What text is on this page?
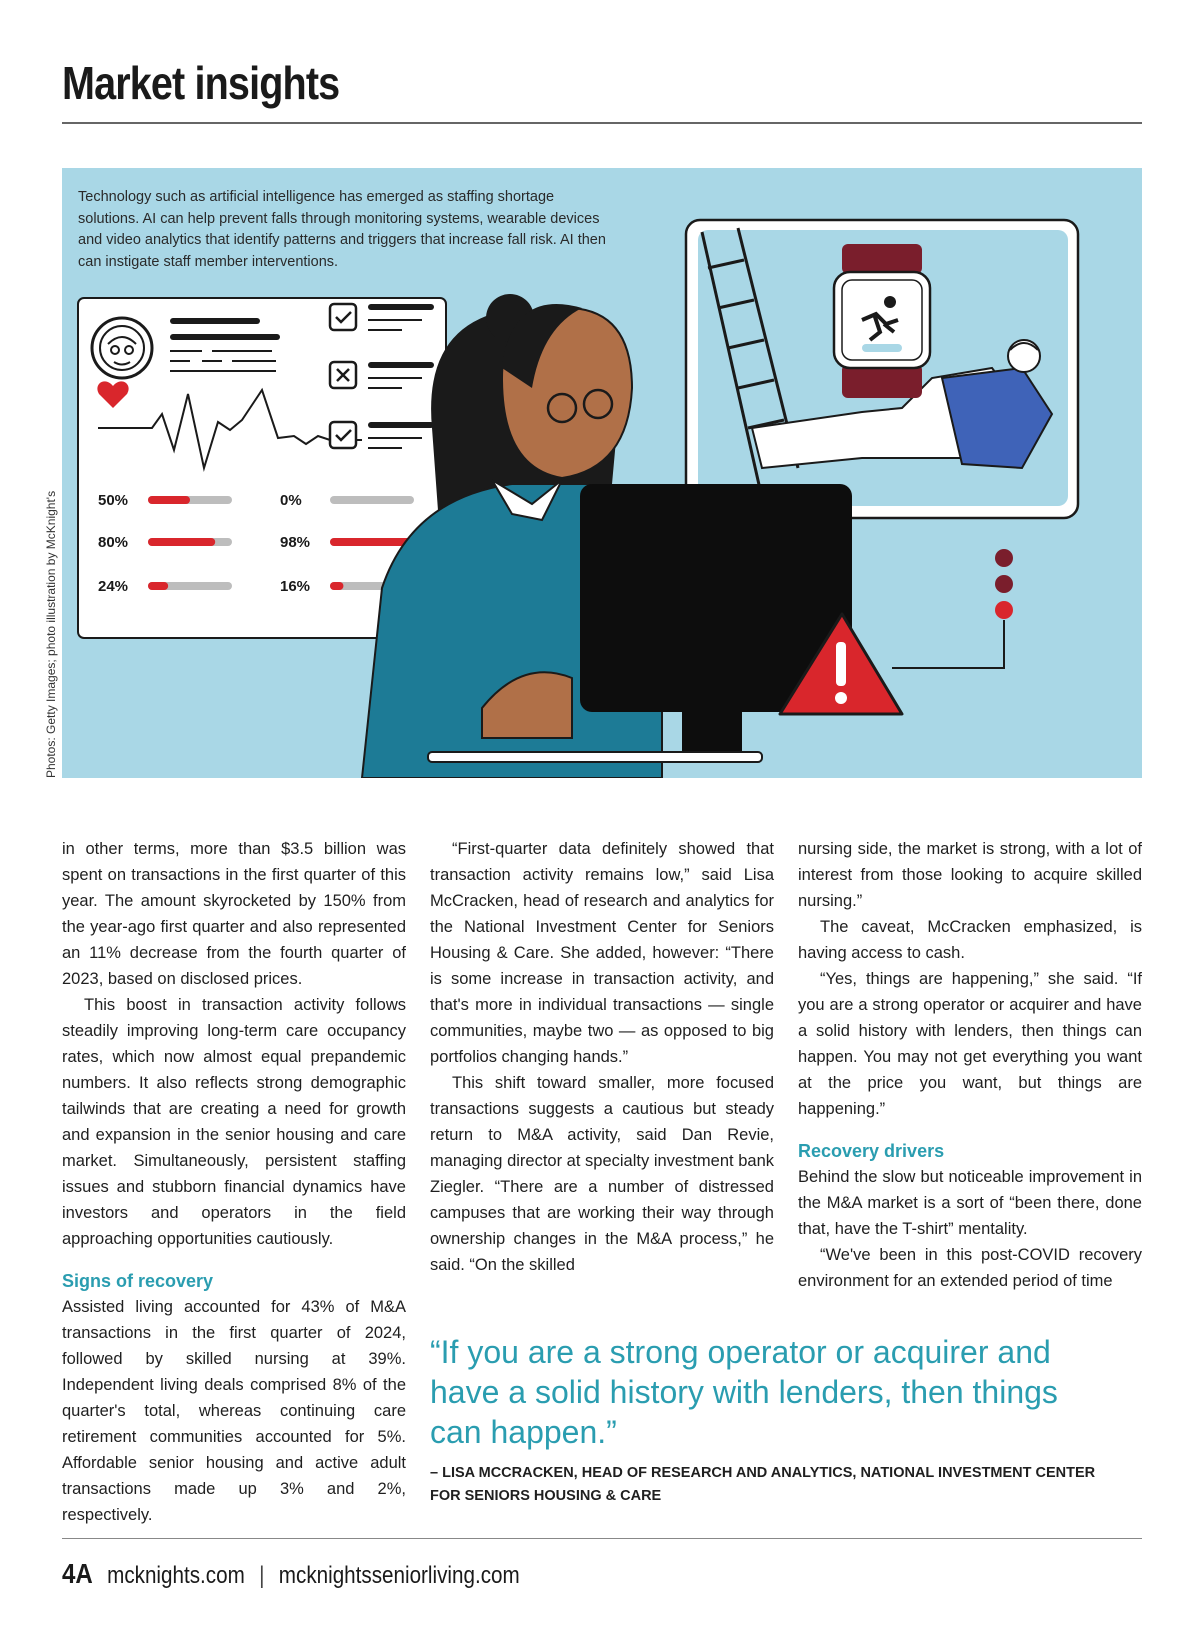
Market insights
Photos: Getty Images; photo illustration by McKnight's	50%
80%
24%
0%
98%
16%
Technology such as artificial intelligence has emerged as staffing shortage solutions. AI can help prevent falls through monitoring systems, wearable devices and video analytics that identify patterns and triggers that increase fall risk. AI then can instigate staff member interventions.

in other terms, more than $3.5 billion was spent on transactions in the first quarter of this year. The amount skyrocketed by 150% from the year-ago first quarter and also represented an 11% decrease from the fourth quarter of 2023, based on disclosed prices.

This boost in transaction activity follows steadily improving long-term care occupancy rates, which now almost equal prepandemic numbers. It also reflects strong demographic tailwinds that are creating a need for growth and expansion in the senior housing and care market. Simultaneously, persistent staffing issues and stubborn financial dynamics have investors and operators in the field approaching opportunities cautiously.

Signs of recovery

Assisted living accounted for 43% of M&A transactions in the first quarter of 2024, followed by skilled nursing at 39%. Independent living deals comprised 8% of the quarter's total, whereas continuing care retirement communities accounted for 5%. Affordable senior housing and active adult transactions made up 3% and 2%, respectively.

“First-quarter data definitely showed that transaction activity remains low,” said Lisa McCracken, head of research and analytics for the National Investment Center for Seniors Housing & Care. She added, however: “There is some increase in transaction activity, and that's more in individual transactions — single communities, maybe two — as opposed to big portfolios changing hands.”

This shift toward smaller, more focused transactions suggests a cautious but steady return to M&A activity, said Dan Revie, managing director at specialty investment bank Ziegler. “There are a number of distressed campuses that are working their way through ownership changes in the M&A process,” he said. “On the skilled

nursing side, the market is strong, with a lot of interest from those looking to acquire skilled nursing.”

The caveat, McCracken emphasized, is having access to cash.

“Yes, things are happening,” she said. “If you are a strong operator or acquirer and have a solid history with lenders, then things can happen. You may not get everything you want at the price you want, but things are happening.”

Recovery drivers

Behind the slow but noticeable improvement in the M&A market is a sort of “been there, done that, have the T-shirt” mentality.

“We've been in this post-COVID recovery environment for an extended period of time

“If you are a strong operator or acquirer and have a solid history with lenders, then things can happen.”
– LISA MCCRACKEN, HEAD OF RESEARCH AND ANALYTICS, NATIONAL INVESTMENT CENTER FOR SENIORS HOUSING & CARE
4A mcknights.com | mcknightsseniorliving.com
